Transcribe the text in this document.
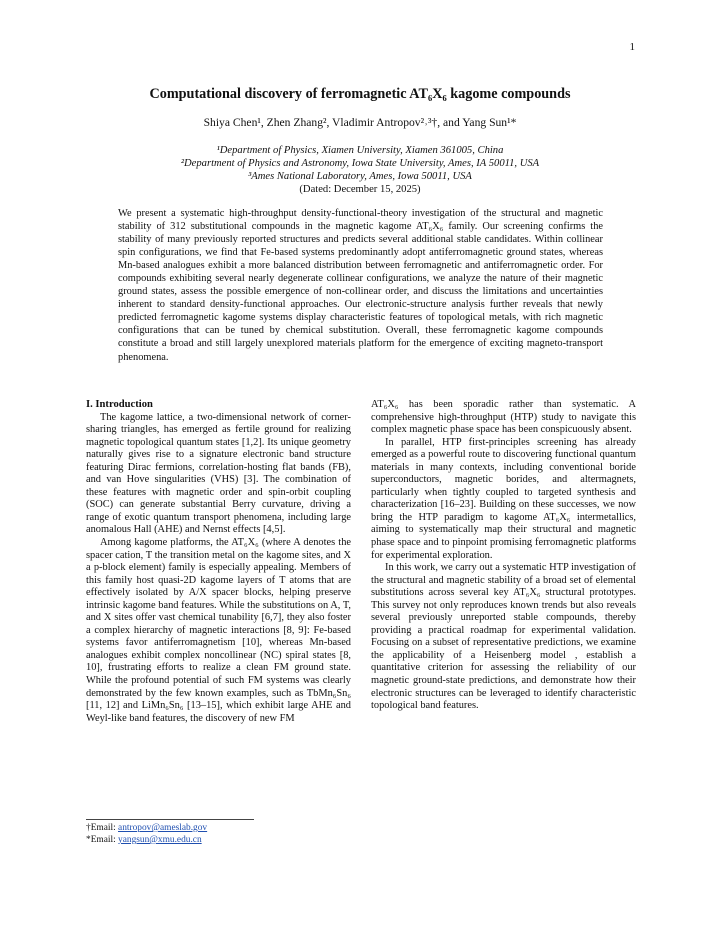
1
Computational discovery of ferromagnetic AT₆X₆ kagome compounds
Shiya Chen¹, Zhen Zhang², Vladimir Antropov²˒³†, and Yang Sun¹*
¹Department of Physics, Xiamen University, Xiamen 361005, China
²Department of Physics and Astronomy, Iowa State University, Ames, IA 50011, USA
³Ames National Laboratory, Ames, Iowa 50011, USA
(Dated: December 15, 2025)
We present a systematic high-throughput density-functional-theory investigation of the structural and magnetic stability of 312 substitutional compounds in the magnetic kagome AT₆X₆ family. Our screening confirms the stability of many previously reported structures and predicts several additional stable candidates. Within collinear spin configurations, we find that Fe-based systems predominantly adopt antiferromagnetic ground states, whereas Mn-based analogues exhibit a more balanced distribution between ferromagnetic and antiferromagnetic order. For compounds exhibiting several nearly degenerate collinear configurations, we analyze the nature of their magnetic ground states, assess the possible emergence of non-collinear order, and discuss the limitations and uncertainties inherent to standard density-functional approaches. Our electronic-structure analysis further reveals that newly predicted ferromagnetic kagome systems display characteristic features of topological metals, with rich magnetic configurations that can be tuned by chemical substitution. Overall, these ferromagnetic kagome compounds constitute a broad and still largely unexplored materials platform for the emergence of exciting magneto-transport phenomena.
I. Introduction

The kagome lattice, a two-dimensional network of corner-sharing triangles, has emerged as fertile ground for realizing magnetic topological quantum states [1,2]. Its unique geometry naturally gives rise to a signature electronic band structure featuring Dirac fermions, correlation-hosting flat bands (FB), and van Hove singularities (VHS) [3]. The combination of these features with magnetic order and spin-orbit coupling (SOC) can generate substantial Berry curvature, driving a range of exotic quantum transport phenomena, including large anomalous Hall (AHE) and Nernst effects [4,5].

Among kagome platforms, the AT₆X₆ (where A denotes the spacer cation, T the transition metal on the kagome sites, and X a p-block element) family is especially appealing. Members of this family host quasi-2D kagome layers of T atoms that are effectively isolated by A/X spacer blocks, helping preserve intrinsic kagome band features. While the substitutions on A, T, and X sites offer vast chemical tunability [6,7], they also foster a complex hierarchy of magnetic interactions [8, 9]: Fe-based systems favor antiferromagnetism [10], whereas Mn-based analogues exhibit complex noncollinear (NC) spiral states [8, 10], frustrating efforts to realize a clean FM ground state. While the profound potential of such FM systems was clearly demonstrated by the few known examples, such as TbMn₆Sn₆ [11, 12] and LiMn₆Sn₆ [13–15], which exhibit large AHE and Weyl-like band features, the discovery of new FM

AT₆X₆ has been sporadic rather than systematic. A comprehensive high-throughput (HTP) study to navigate this complex magnetic phase space has been conspicuously absent.

In parallel, HTP first-principles screening has already emerged as a powerful route to discovering functional quantum materials in many contexts, including conventional boride superconductors, magnetic borides, and altermagnets, particularly when tightly coupled to targeted synthesis and characterization [16–23]. Building on these successes, we now bring the HTP paradigm to kagome AT₆X₆ intermetallics, aiming to systematically map their structural and magnetic phase space and to pinpoint promising ferromagnetic platforms for experimental exploration.

In this work, we carry out a systematic HTP investigation of the structural and magnetic stability of a broad set of elemental substitutions across several key AT₆X₆ structural prototypes. This survey not only reproduces known trends but also reveals several previously unreported stable compounds, thereby providing a practical roadmap for experimental validation. Focusing on a subset of representative predictions, we examine the applicability of a Heisenberg model , establish a quantitative criterion for assessing the reliability of our magnetic ground-state predictions, and demonstrate how their electronic structures can be leveraged to identify characteristic topological band features.

†Email: antropov@ameslab.gov
*Email: yangsun@xmu.edu.cn
